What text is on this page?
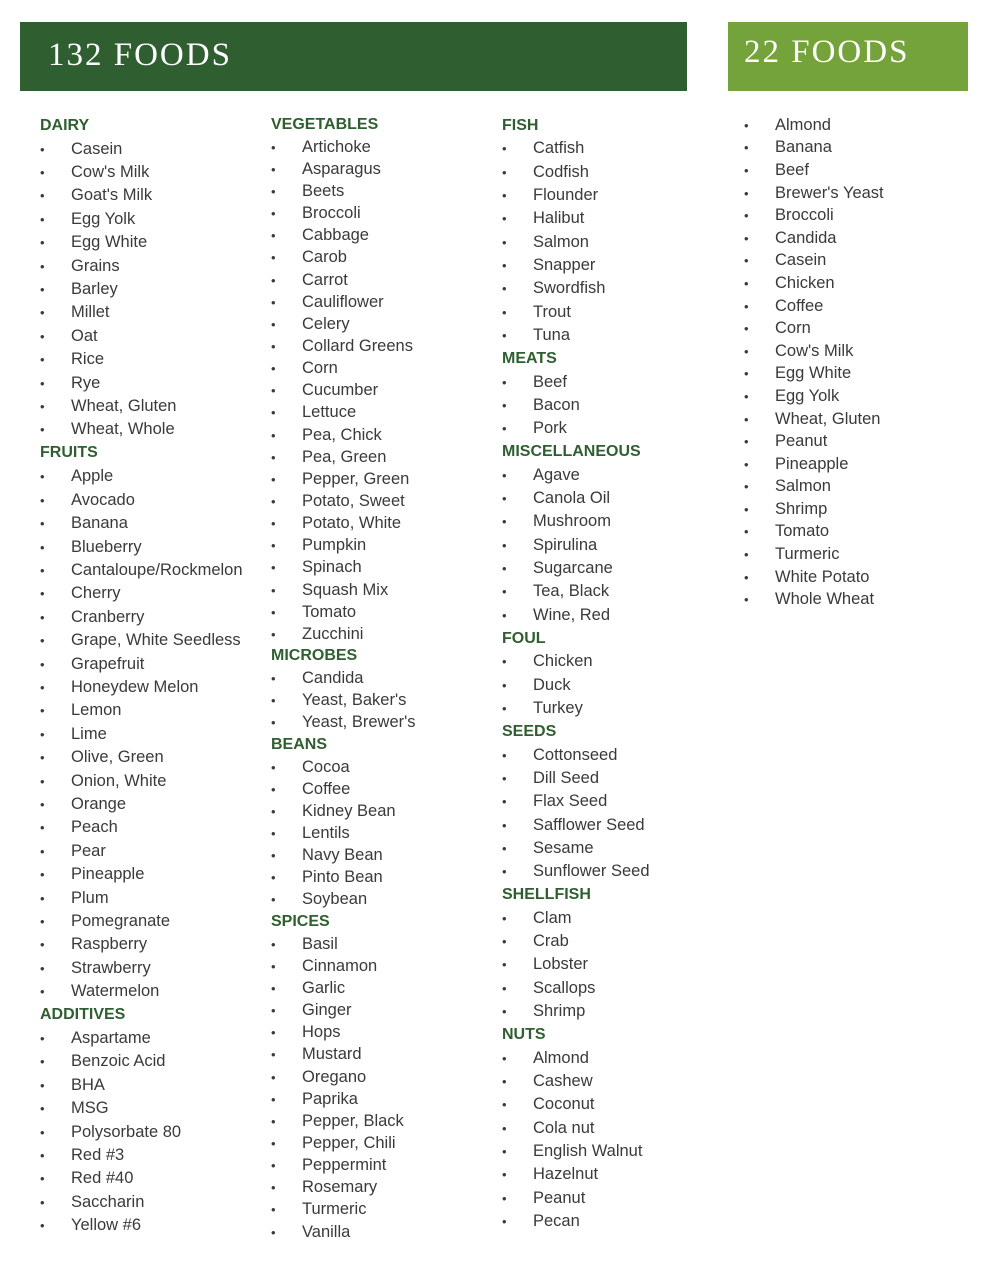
132 FOODS	22 FOODS
DAIRY
•	Casein
•	Cow's Milk
•	Goat's Milk
•	Egg Yolk
•	Egg White
•	Grains
•	Barley
•	Millet
•	Oat
•	Rice
•	Rye
•	Wheat, Gluten
•	Wheat, Whole
FRUITS
•	Apple
•	Avocado
•	Banana
•	Blueberry
•	Cantaloupe/Rockmelon
•	Cherry
•	Cranberry
•	Grape, White Seedless
•	Grapefruit
•	Honeydew Melon
•	Lemon
•	Lime
•	Olive, Green
•	Onion, White
•	Orange
•	Peach
•	Pear
•	Pineapple
•	Plum
•	Pomegranate
•	Raspberry
•	Strawberry
•	Watermelon
ADDITIVES
•	Aspartame
•	Benzoic Acid
•	BHA
•	MSG
•	Polysorbate 80
•	Red #3
•	Red #40
•	Saccharin
•	Yellow #6
VEGETABLES
•	Artichoke
•	Asparagus
•	Beets
•	Broccoli
•	Cabbage
•	Carob
•	Carrot
•	Cauliflower
•	Celery
•	Collard Greens
•	Corn
•	Cucumber
•	Lettuce
•	Pea, Chick
•	Pea, Green
•	Pepper, Green
•	Potato, Sweet
•	Potato, White
•	Pumpkin
•	Spinach
•	Squash Mix
•	Tomato
•	Zucchini
MICROBES
•	Candida
•	Yeast, Baker's
•	Yeast, Brewer's
BEANS
•	Cocoa
•	Coffee
•	Kidney Bean
•	Lentils
•	Navy Bean
•	Pinto Bean
•	Soybean
SPICES
•	Basil
•	Cinnamon
•	Garlic
•	Ginger
•	Hops
•	Mustard
•	Oregano
•	Paprika
•	Pepper, Black
•	Pepper, Chili
•	Peppermint
•	Rosemary
•	Turmeric
•	Vanilla
FISH
•	Catfish
•	Codfish
•	Flounder
•	Halibut
•	Salmon
•	Snapper
•	Swordfish
•	Trout
•	Tuna
MEATS
•	Beef
•	Bacon
•	Pork
MISCELLANEOUS
•	Agave
•	Canola Oil
•	Mushroom
•	Spirulina
•	Sugarcane
•	Tea, Black
•	Wine, Red
FOUL
•	Chicken
•	Duck
•	Turkey
SEEDS
•	Cottonseed
•	Dill Seed
•	Flax Seed
•	Safflower Seed
•	Sesame
•	Sunflower Seed
SHELLFISH
•	Clam
•	Crab
•	Lobster
•	Scallops
•	Shrimp
NUTS
•	Almond
•	Cashew
•	Coconut
•	Cola nut
•	English Walnut
•	Hazelnut
•	Peanut
•	Pecan
•	Almond
•	Banana
•	Beef
•	Brewer's Yeast
•	Broccoli
•	Candida
•	Casein
•	Chicken
•	Coffee
•	Corn
•	Cow's Milk
•	Egg White
•	Egg Yolk
•	Wheat, Gluten
•	Peanut
•	Pineapple
•	Salmon
•	Shrimp
•	Tomato
•	Turmeric
•	White Potato
•	Whole Wheat
